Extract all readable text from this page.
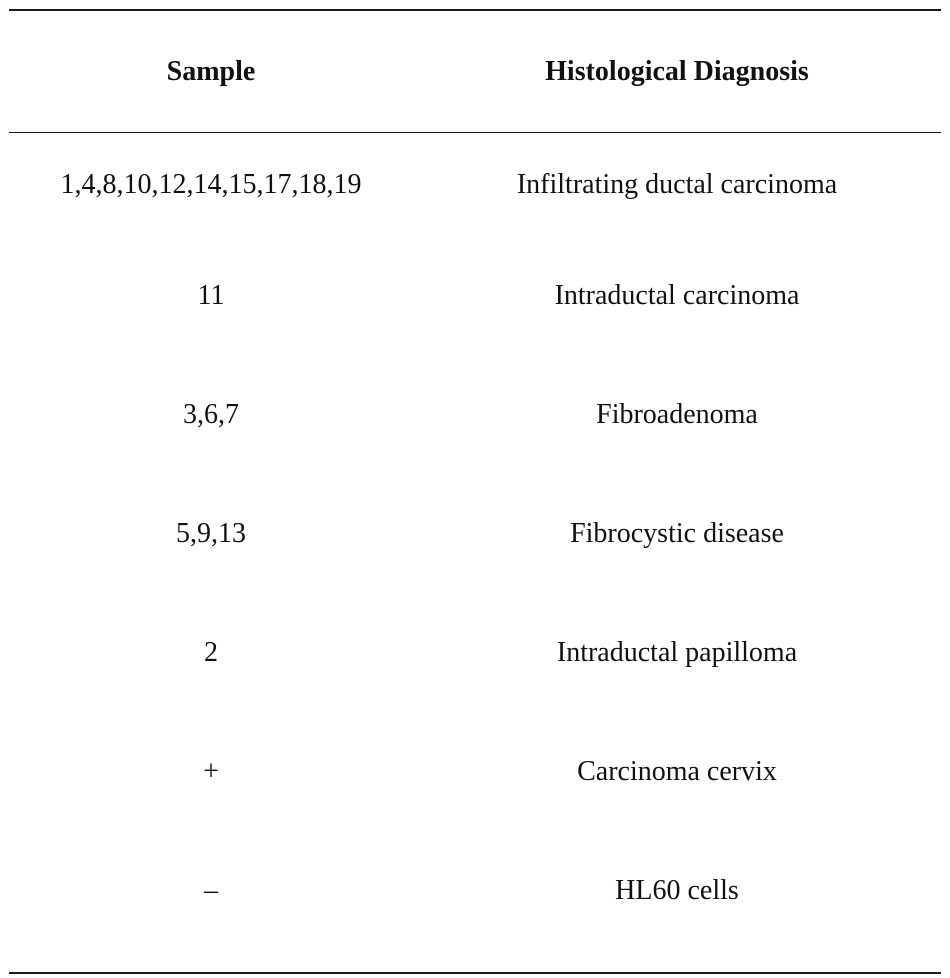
Sample	Histological Diagnosis
1,4,8,10,12,14,15,17,18,19	Infiltrating ductal carcinoma
11	Intraductal carcinoma
3,6,7	Fibroadenoma
5,9,13	Fibrocystic disease
2	Intraductal papilloma
+	Carcinoma cervix
–	HL60 cells
